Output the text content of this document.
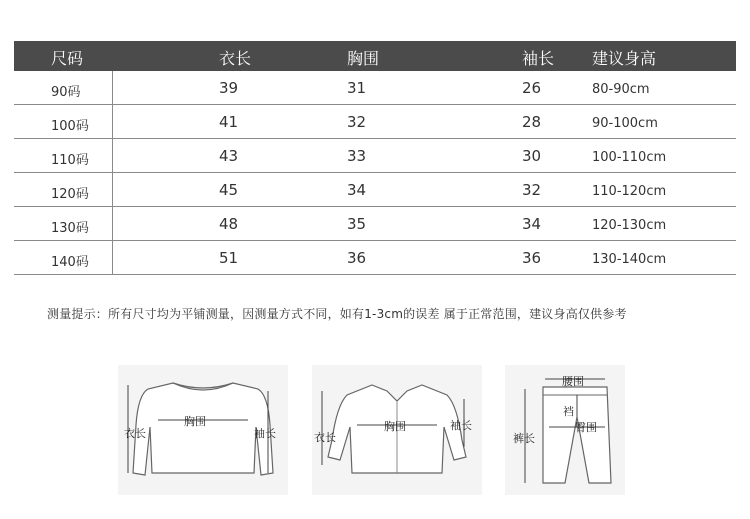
尺码	衣长	胸围	袖长 建议身高
90码	39	31	26	80-90cm
100码	41	32	28	90-100cm
110码	43	33	30	100-110cm
120码	45	34	32	110-120cm
130码	48	35	34	120-130cm
140码	51	36	36	130-140cm
测量提示：所有尺寸均为平铺测量，因测量方式不同，如有1-3cm的误差 属于正常范围，建议身高仅供参考
衣长
胸围
袖长	衣长
胸围	袖长
腰围
裤长
裆
臀围
